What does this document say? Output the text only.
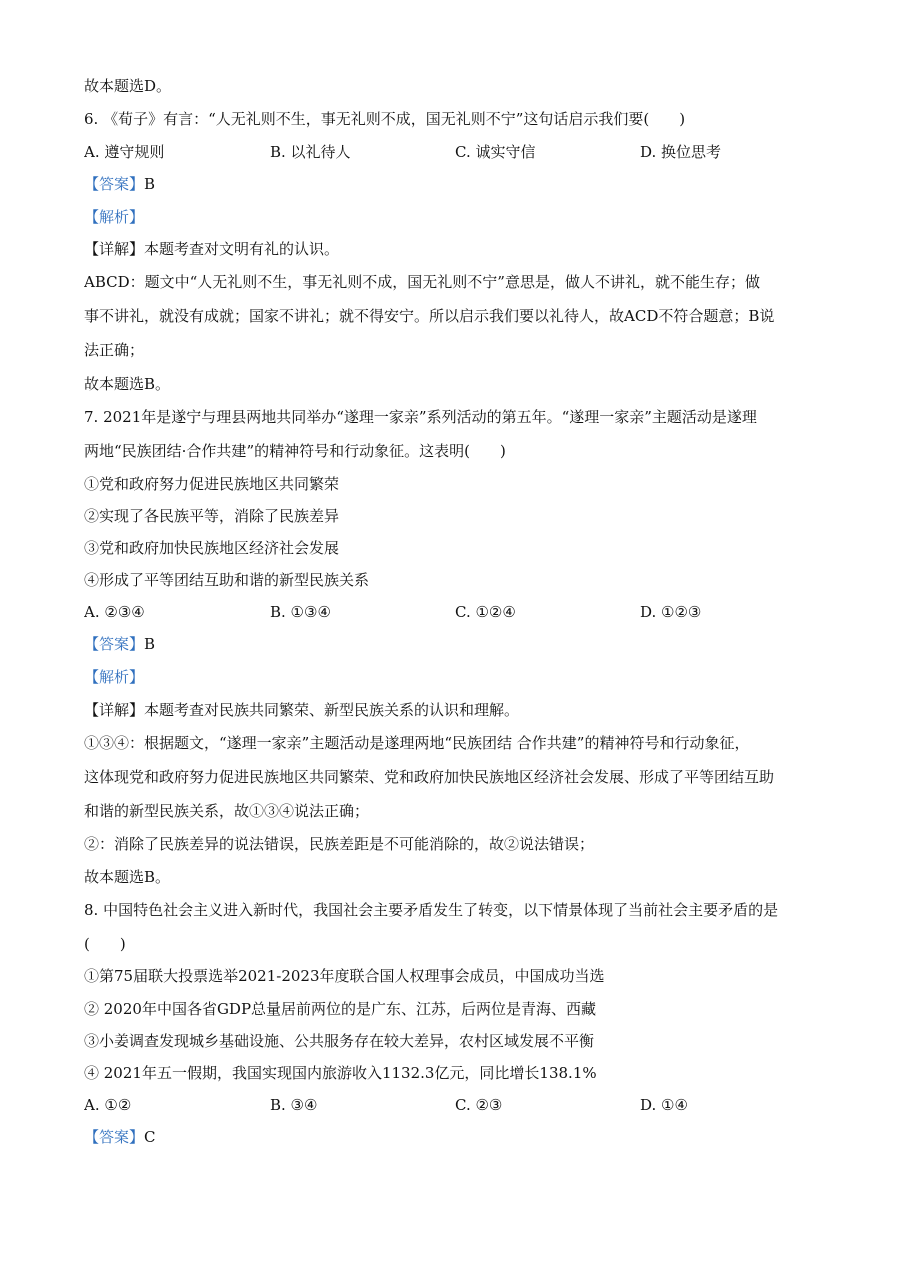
故本题选D。
6. 《荀子》有言：“人无礼则不生，事无礼则不成，国无礼则不宁”这句话启示我们要(　　)
A. 遵守规则	B. 以礼待人	C. 诚实守信	D. 换位思考
【答案】B
【解析】
【详解】本题考查对文明有礼的认识。
ABCD：题文中“人无礼则不生，事无礼则不成，国无礼则不宁”意思是，做人不讲礼，就不能生存；做
事不讲礼，就没有成就；国家不讲礼；就不得安宁。所以启示我们要以礼待人，故ACD不符合题意；B说
法正确；
故本题选B。
7. 2021年是遂宁与理县两地共同举办“遂理一家亲”系列活动的第五年。“遂理一家亲”主题活动是遂理
两地“民族团结·合作共建”的精神符号和行动象征。这表明(　　)
①党和政府努力促进民族地区共同繁荣
②实现了各民族平等，消除了民族差异
③党和政府加快民族地区经济社会发展
④形成了平等团结互助和谐的新型民族关系
A. ②③④	B. ①③④	C. ①②④	D. ①②③
【答案】B
【解析】
【详解】本题考查对民族共同繁荣、新型民族关系的认识和理解。
①③④：根据题文，“遂理一家亲”主题活动是遂理两地“民族团结 合作共建”的精神符号和行动象征，
这体现党和政府努力促进民族地区共同繁荣、党和政府加快民族地区经济社会发展、形成了平等团结互助
和谐的新型民族关系，故①③④说法正确；
②：消除了民族差异的说法错误，民族差距是不可能消除的，故②说法错误；
故本题选B。
8. 中国特色社会主义进入新时代，我国社会主要矛盾发生了转变，以下情景体现了当前社会主要矛盾的是
(　　)
①第75届联大投票选举2021-2023年度联合国人权理事会成员，中国成功当选
② 2020年中国各省GDP总量居前两位的是广东、江苏，后两位是青海、西藏
③小姜调查发现城乡基础设施、公共服务存在较大差异，农村区域发展不平衡
④ 2021年五一假期，我国实现国内旅游收入1132.3亿元，同比增长138.1%
A. ①②	B. ③④	C. ②③	D. ①④
【答案】C
